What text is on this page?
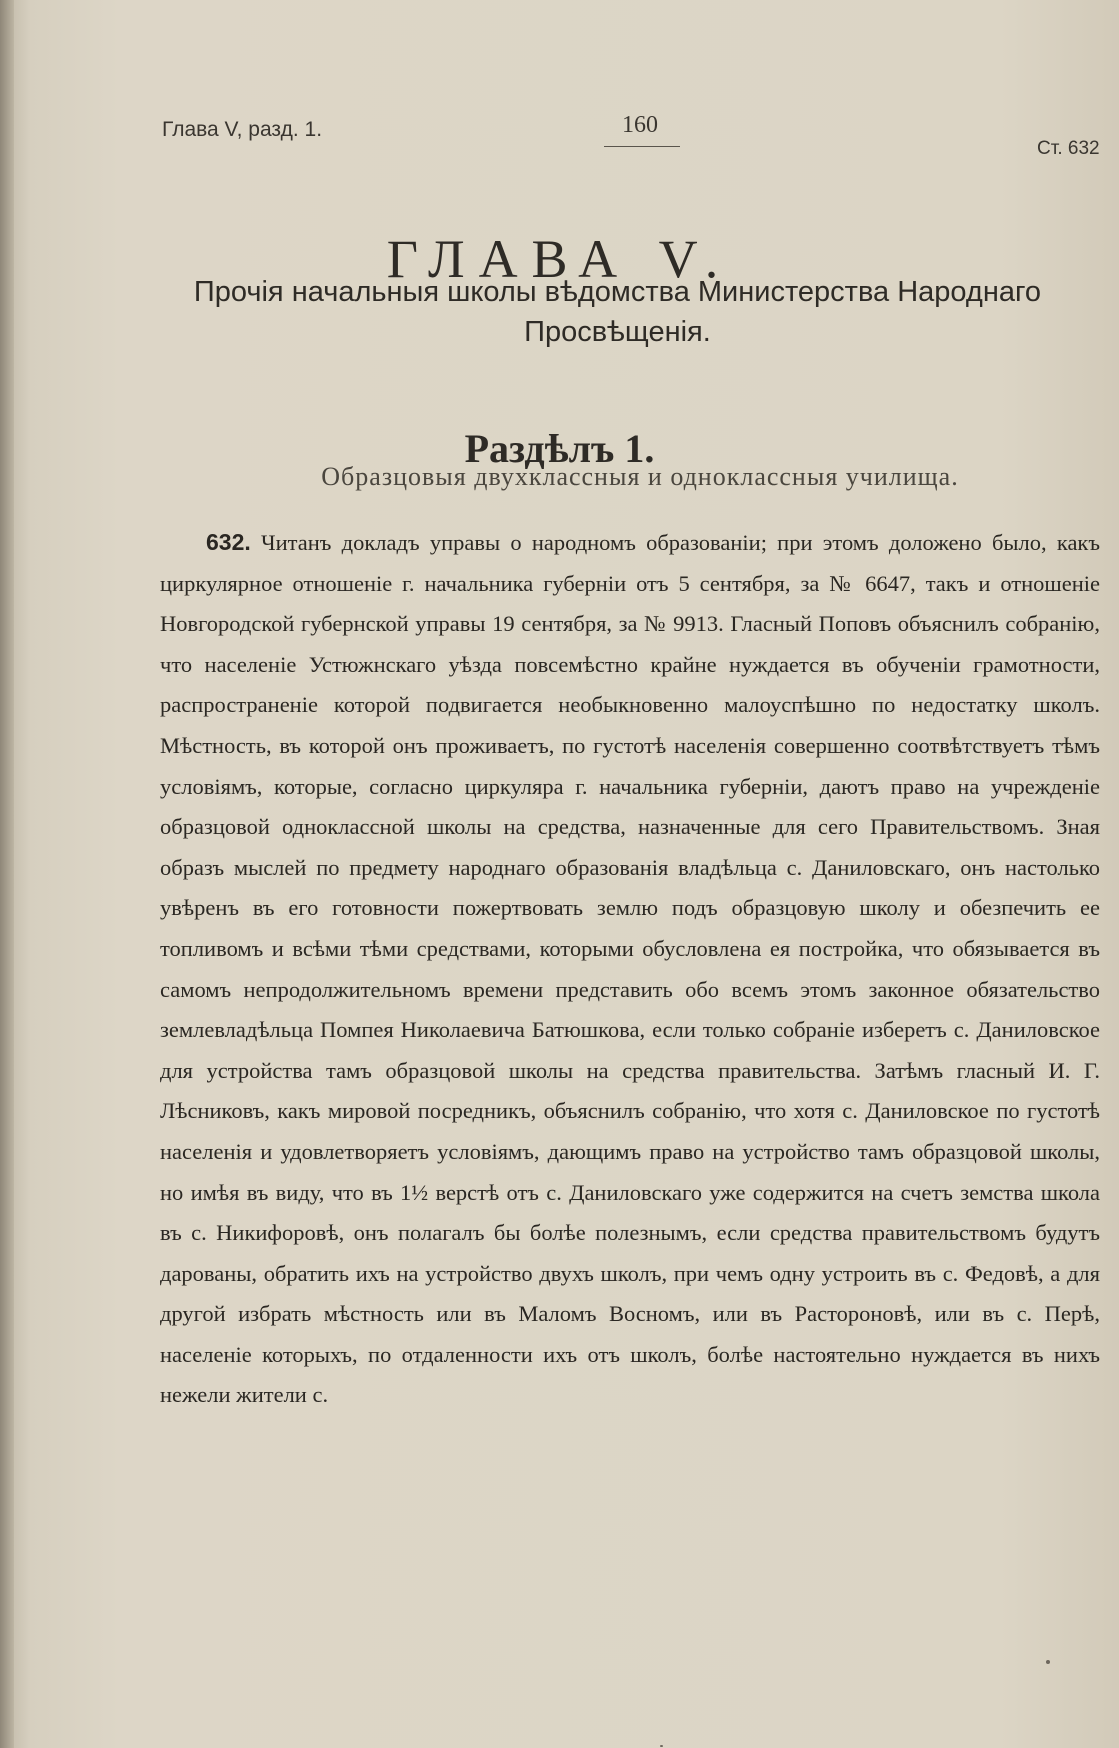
Глава V, разд. 1.	160
Ст. 632
ГЛАВА V.
Прочія начальныя школы вѣдомства Министерства Народнаго Просвѣщенія.
Раздѣлъ 1.
Образцовыя двухклассныя и одноклассныя училища.

632. Читанъ докладъ управы о народномъ образованіи; при этомъ доложено было, какъ циркулярное отношеніе г. начальника губерніи отъ 5 сентября, за № 6647, такъ и отношеніе Новгородской губернской управы 19 сентября, за № 9913. Гласный Поповъ объяснилъ собранію, что населеніе Устюжнскаго уѣзда повсемѣстно крайне нуждается въ обученіи грамотности, распространеніе которой подвигается необыкновенно малоуспѣшно по недостатку школъ. Мѣстность, въ которой онъ проживаетъ, по густотѣ населенія совершенно соотвѣтствуетъ тѣмъ условіямъ, которые, согласно циркуляра г. начальника губерніи, даютъ право на учрежденіе образцовой одноклассной школы на средства, назначенные для сего Правительствомъ. Зная образъ мыслей по предмету народнаго образованія владѣльца с. Даниловскаго, онъ настолько увѣренъ въ его готовности пожертвовать землю подъ образцовую школу и обезпечить ее топливомъ и всѣми тѣми средствами, которыми обусловлена ея постройка, что обязывается въ самомъ непродолжительномъ времени представить обо всемъ этомъ законное обязательство землевладѣльца Помпея Николаевича Батюшкова, если только собраніе изберетъ с. Даниловское для устройства тамъ образцовой школы на средства правительства. Затѣмъ гласный И. Г. Лѣсниковъ, какъ мировой посредникъ, объяснилъ собранію, что хотя с. Даниловское по густотѣ населенія и удовлетворяетъ условіямъ, дающимъ право на устройство тамъ образцовой школы, но имѣя въ виду, что въ 1½ верстѣ отъ с. Даниловскаго уже содержится на счетъ земства школа въ с. Никифоровѣ, онъ полагалъ бы болѣе полезнымъ, если средства правительствомъ будутъ дарованы, обратить ихъ на устройство двухъ школъ, при чемъ одну устроить въ с. Федовѣ, а для другой избрать мѣстность или въ Маломъ Восномъ, или въ Растороновѣ, или въ с. Перѣ, населеніе которыхъ, по отдаленности ихъ отъ школъ, болѣе настоятельно нуждается въ нихъ нежели жители с.
